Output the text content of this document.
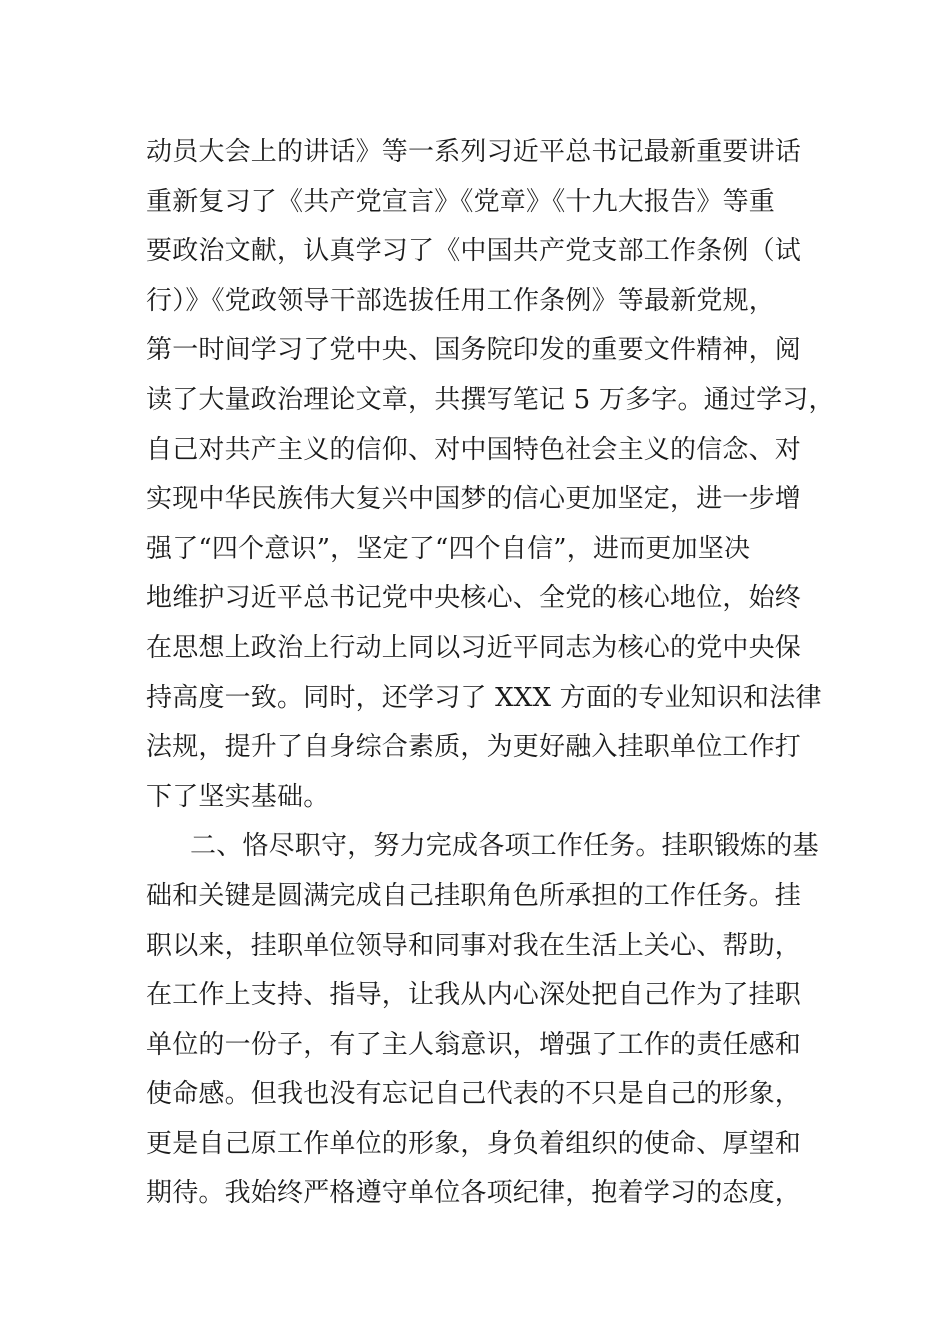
动员大会上的讲话》等一系列习近平总书记最新重要讲话
重新复习了《共产党宣言》《党章》《十九大报告》等重
要政治文献，认真学习了《中国共产党支部工作条例（试
行）》《党政领导干部选拔任用工作条例》等最新党规，
第一时间学习了党中央、国务院印发的重要文件精神，阅
读了大量政治理论文章，共撰写笔记 5 万多字。通过学习，
自己对共产主义的信仰、对中国特色社会主义的信念、对
实现中华民族伟大复兴中国梦的信心更加坚定，进一步增
强了“四个意识”，坚定了“四个自信”，进而更加坚决
地维护习近平总书记党中央核心、全党的核心地位，始终
在思想上政治上行动上同以习近平同志为核心的党中央保
持高度一致。同时，还学习了 XXX 方面的专业知识和法律
法规，提升了自身综合素质，为更好融入挂职单位工作打
下了坚实基础。
二、恪尽职守，努力完成各项工作任务。挂职锻炼的基
础和关键是圆满完成自己挂职角色所承担的工作任务。挂
职以来，挂职单位领导和同事对我在生活上关心、帮助，
在工作上支持、指导，让我从内心深处把自己作为了挂职
单位的一份子，有了主人翁意识，增强了工作的责任感和
使命感。但我也没有忘记自己代表的不只是自己的形象，
更是自己原工作单位的形象，身负着组织的使命、厚望和
期待。我始终严格遵守单位各项纪律，抱着学习的态度，
